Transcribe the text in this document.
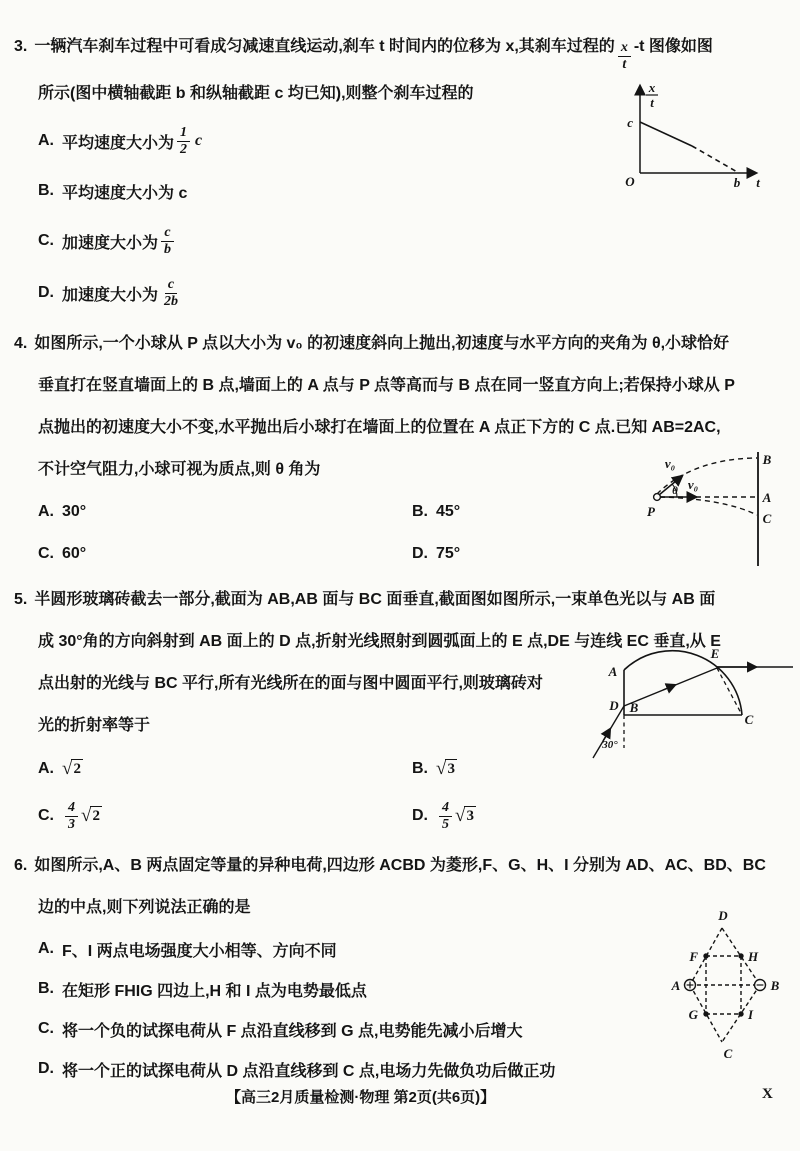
3. 一辆汽车刹车过程中可看成匀减速直线运动,刹车 t 时间内的位移为 x,其刹车过程的 $\frac{x}{t} -t$ 图像如图
所示(图中横轴截距 b 和纵轴截距 c 均已知),则整个刹车过程的
A. 平均速度大小为 $\frac{1}{2}$ c
B. 平均速度大小为 c
C. 加速度大小为 $\frac{c}{b}$
D. 加速度大小为 $\frac{c}{2b}$
4. 如图所示,一个小球从 P 点以大小为 v₀ 的初速度斜向上抛出,初速度与水平方向的夹角为 θ,小球恰好
垂直打在竖直墙面上的 B 点,墙面上的 A 点与 P 点等高而与 B 点在同一竖直方向上;若保持小球从 P
点抛出的初速度大小不变,水平抛出后小球打在墙面上的位置在 A 点正下方的 C 点.已知 AB=2AC,
不计空气阻力,小球可视为质点,则 θ 角为
A. 30°	B. 45°
C. 60°	D. 75°
5. 半圆形玻璃砖截去一部分,截面为 AB,AB 面与 BC 面垂直,截面图如图所示,一束单色光以与 AB 面
成 30°角的方向斜射到 AB 面上的 D 点,折射光线照射到圆弧面上的 E 点,DE 与连线 EC 垂直,从 E
点出射的光线与 BC 平行,所有光线所在的面与图中圆面平行,则玻璃砖对
光的折射率等于
A. √ 2	B. √ 3
C. $\frac{4}{3}$ √ 2	D. $\frac{4}{5}$ √ 3
6. 如图所示,A、B 两点固定等量的异种电荷,四边形 ACBD 为菱形,F、G、H、I 分别为 AD、AC、BD、BC
边的中点,则下列说法正确的是
A. F、I 两点电场强度大小相等、方向不同
B. 在矩形 FHIG 四边上,H 和 I 点为电势最低点
C. 将一个负的试探电荷从 F 点沿直线移到 G 点,电势能先减小后增大
D. 将一个正的试探电荷从 D 点沿直线移到 C 点,电场力先做负功后做正功
x
t
c
O	b t
P
v₀
v₀
θ
B
A
C
A
D B
C
E
30°
D
A	B
C
F	H
G	I
【高三2月质量检测·物理 第2页(共6页)】	X
